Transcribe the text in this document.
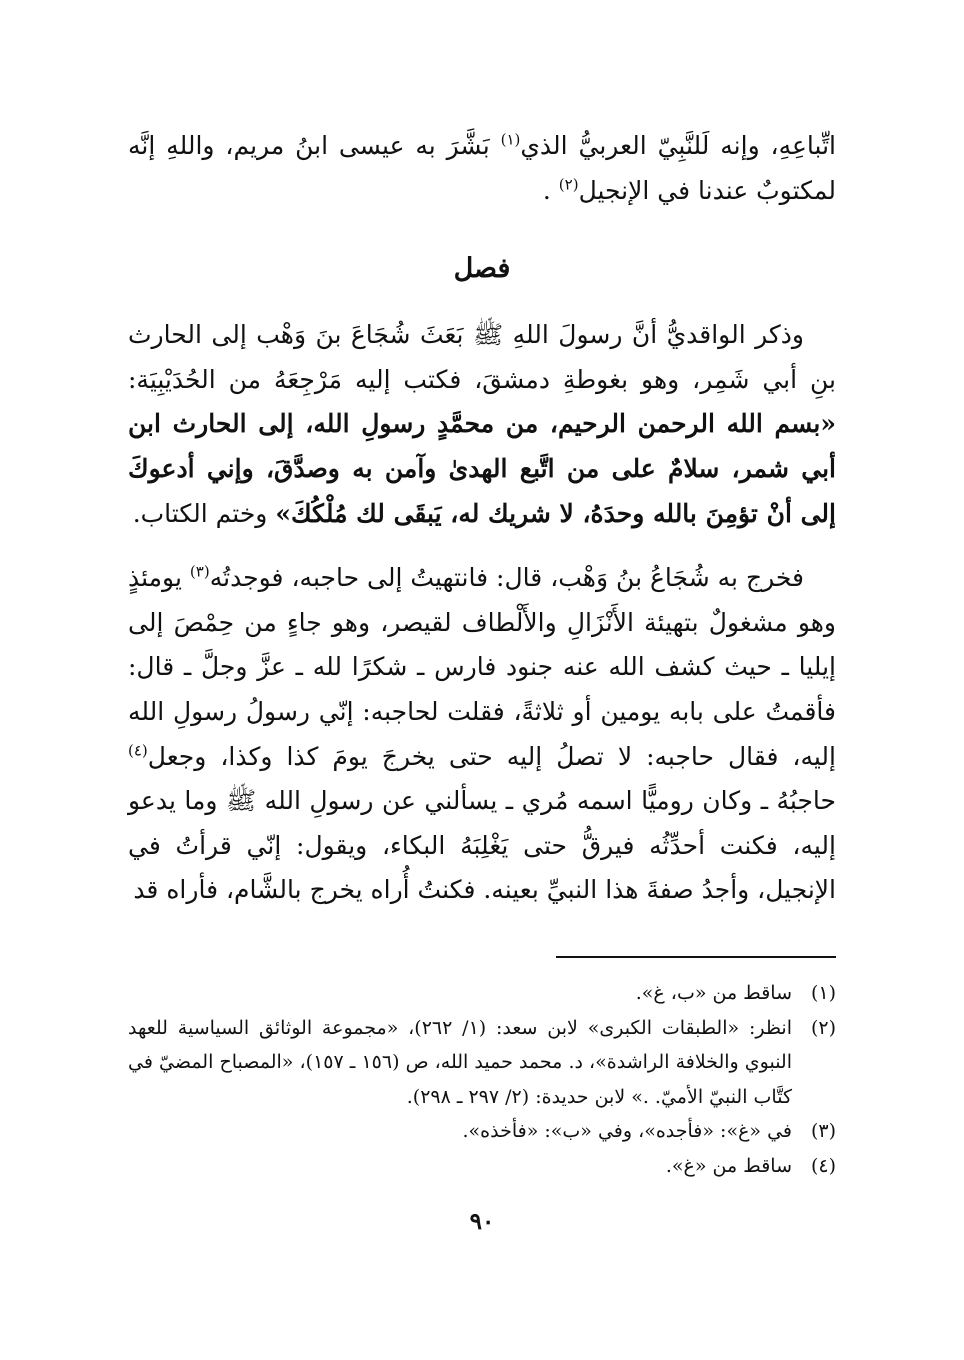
اتِّباعِهِ، وإنه لَلنَّبِيّ العربيُّ الذي$^{(١)}$ بَشَّرَ به عيسى ابنُ مريم، واللهِ إنَّه لمكتوبٌ عندنا في الإنجيل$^{(٢)}$ .

فصل

وذكر الواقديُّ أنَّ رسولَ اللهِ ﷺ بَعَثَ شُجَاعَ بنَ وَهْب إلى الحارث بنِ أبي شَمِر، وهو بغوطةِ دمشقَ، فكتب إليه مَرْجِعَهُ من الحُدَيْبِيَة: «بسم الله الرحمن الرحيم، من محمَّدٍ رسولِ الله، إلى الحارث ابن أبي شمر، سلامٌ على من اتَّبع الهدىٰ وآمن به وصدَّقَ، وإني أدعوكَ إلى أنْ تؤمِنَ بالله وحدَهُ، لا شريك له، يَبقَى لك مُلْكُكَ» وختم الكتاب.

فخرج به شُجَاعُ بنُ وَهْب، قال: فانتهيتُ إلى حاجبه، فوجدتُه$^{(٣)}$ يومئذٍ وهو مشغولٌ بتهيئة الأَنْزَالِ والأَلْطاف لقيصر، وهو جاءٍ من حِمْصَ إلى إيليا ـ حيث كشف الله عنه جنود فارس ـ شكرًا لله ـ عزَّ وجلَّ ـ قال: فأقمتُ على بابه يومين أو ثلاثةً، فقلت لحاجبه: إنّي رسولُ رسولِ الله إليه، فقال حاجبه: لا تصلُ إليه حتى يخرجَ يومَ كذا وكذا، وجعل$^{(٤)}$ حاجبُهُ ـ وكان روميًّا اسمه مُري ـ يسألني عن رسولِ الله ﷺ وما يدعو إليه، فكنت أحدِّثُه فيرقُّ حتى يَغْلِبَهُ البكاء، ويقول: إنّي قرأتُ في الإنجيل، وأجدُ صفةَ هذا النبيِّ بعينه. فكنتُ أُراه يخرج بالشَّام، فأراه قد

(١)
ساقط من «ب، غ».
(٢)
انظر: «الطبقات الكبرى» لابن سعد: (١/ ٢٦٢)، «مجموعة الوثائق السياسية للعهد النبوي والخلافة الراشدة»، د. محمد حميد الله، ص (١٥٦ ـ ١٥٧)، «المصباح المضيّ في كتَّاب النبيّ الأميّ. .» لابن حديدة: (٢/ ٢٩٧ ـ ٢٩٨).
(٣)
في «غ»: «فأجده»، وفي «ب»: «فأخذه».
(٤)
ساقط من «غ».
٩٠
